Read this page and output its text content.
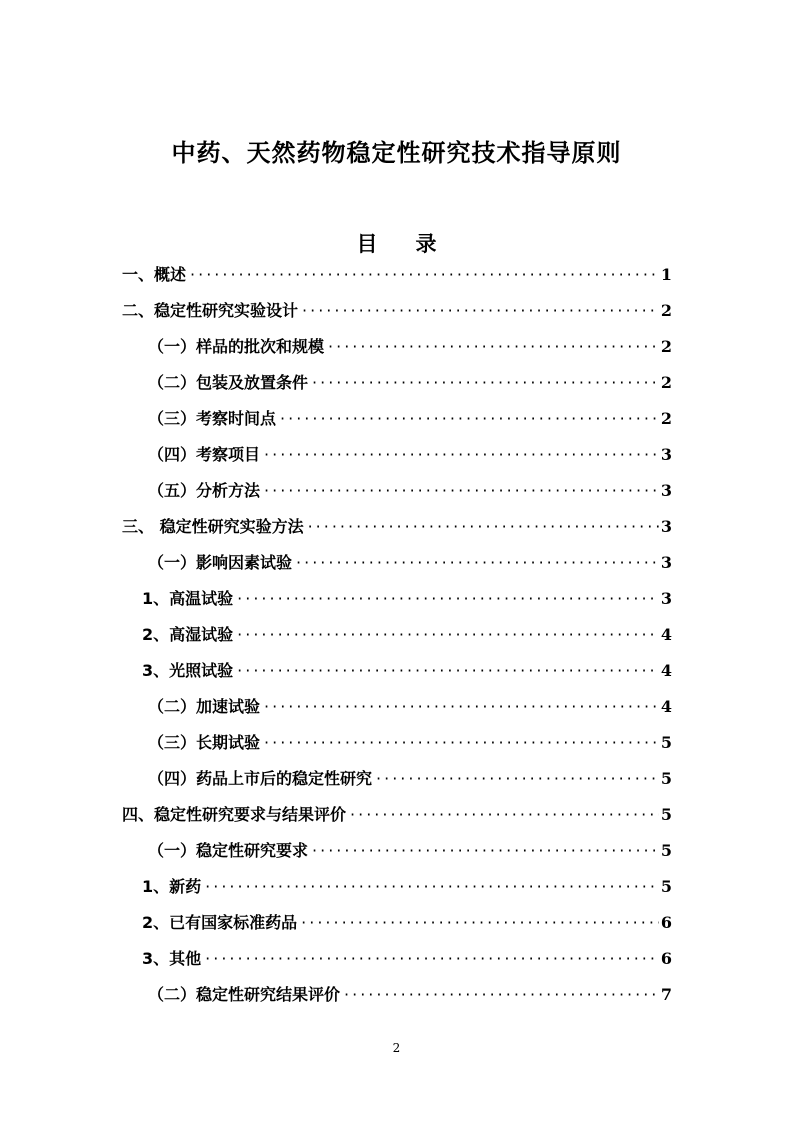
中药、天然药物稳定性研究技术指导原则
目 录
一、概述 ·····	1
二、稳定性研究实验设计 ·····	2
（一）样品的批次和规模 ·····	2
（二）包装及放置条件 ·····	2
（三）考察时间点 ·····	2
（四）考察项目 ·····	3
（五）分析方法 ·····	3
三、 稳定性研究实验方法 ·····	3
（一）影响因素试验 ·····	3
1、高温试验 ·····	3
2、高湿试验 ·····	4
3、光照试验 ·····	4
（二）加速试验 ·····	4
（三）长期试验 ·····	5
（四）药品上市后的稳定性研究 ·····	5
四、稳定性研究要求与结果评价 ·····	5
（一）稳定性研究要求 ·····	5
1、新药 ·····	5
2、已有国家标准药品 ·····	6
3、其他 ·····	6
（二）稳定性研究结果评价 ·····	7
2
